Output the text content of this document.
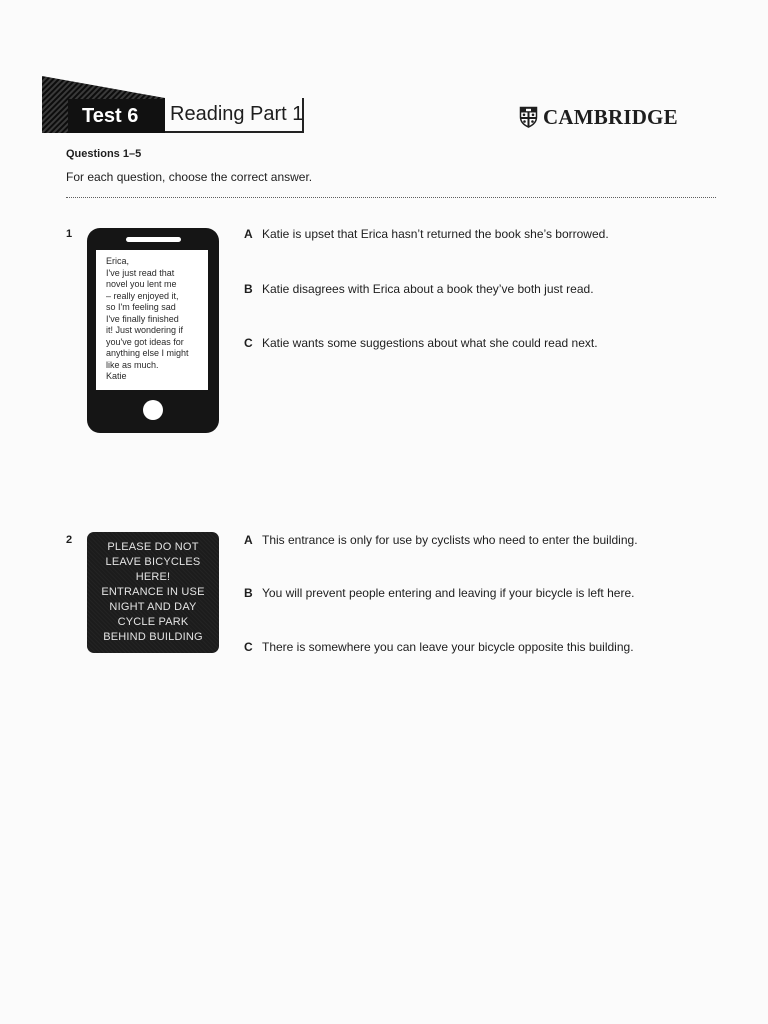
Test 6 Reading Part 1	CAMBRIDGE
Questions 1–5
For each question, choose the correct answer.
1
Erica,
I've just read that
novel you lent me
– really enjoyed it,
so I'm feeling sad
I've finally finished
it! Just wondering if
you've got ideas for
anything else I might
like as much.
Katie
A Katie is upset that Erica hasn’t returned the book she’s borrowed.
B Katie disagrees with Erica about a book they’ve both just read.
C Katie wants some suggestions about what she could read next.
2
PLEASE DO NOT
LEAVE BICYCLES
HERE!
ENTRANCE IN USE
NIGHT AND DAY
CYCLE PARK
BEHIND BUILDING
A This entrance is only for use by cyclists who need to enter the building.
B You will prevent people entering and leaving if your bicycle is left here.
C There is somewhere you can leave your bicycle opposite this building.
